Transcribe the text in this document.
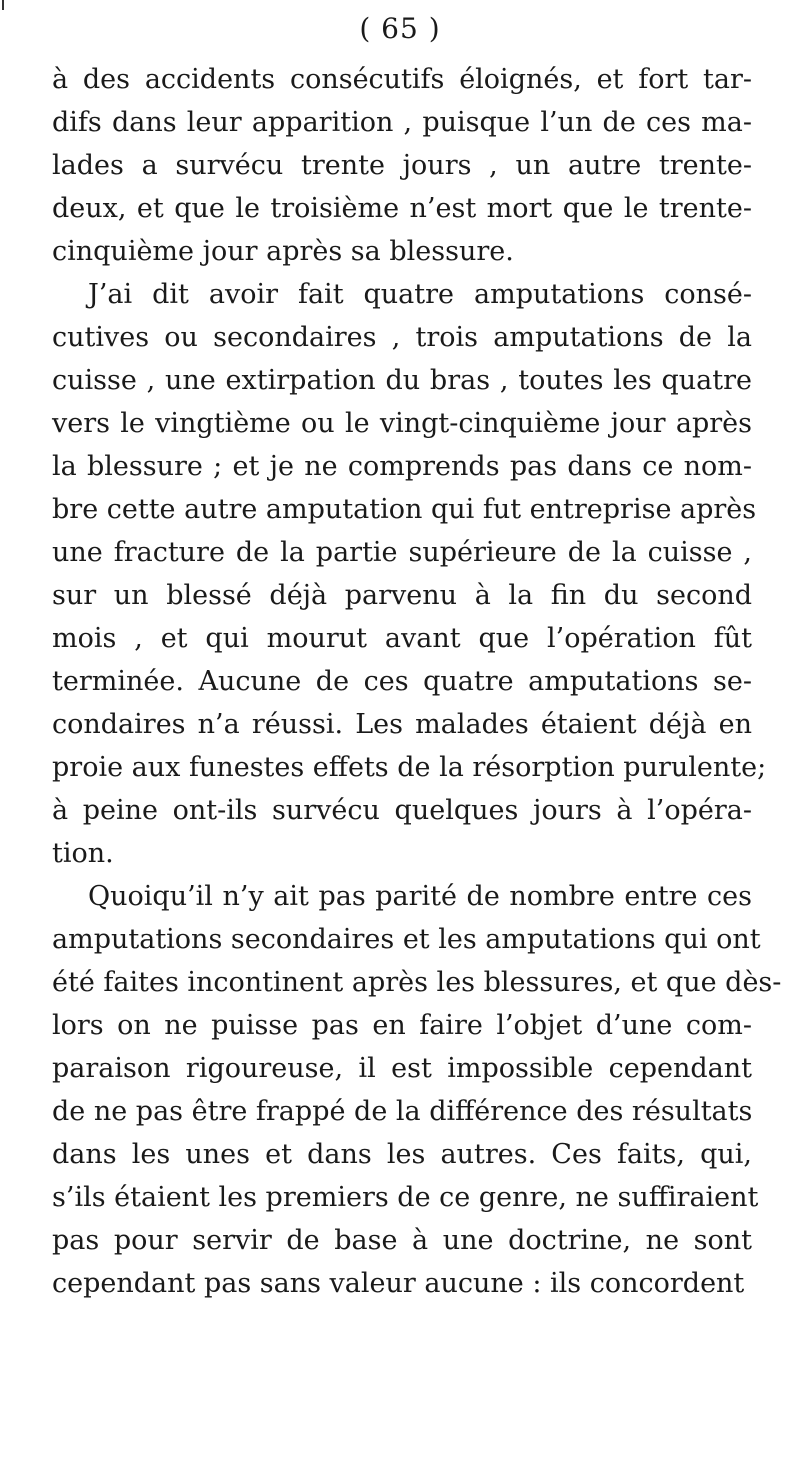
( 65 )
à des accidents consécutifs éloignés, et fort tar-
difs dans leur apparition , puisque l’un de ces ma-
lades a survécu trente jours , un autre trente-
deux, et que le troisième n’est mort que le trente-
cinquième jour après sa blessure.
J’ai dit avoir fait quatre amputations consé-
cutives ou secondaires , trois amputations de la
cuisse , une extirpation du bras , toutes les quatre
vers le vingtième ou le vingt-cinquième jour après
la blessure ; et je ne comprends pas dans ce nom-
bre cette autre amputation qui fut entreprise après
une fracture de la partie supérieure de la cuisse ,
sur un blessé déjà parvenu à la fin du second
mois , et qui mourut avant que l’opération fût
terminée. Aucune de ces quatre amputations se-
condaires n’a réussi. Les malades étaient déjà en
proie aux funestes effets de la résorption purulente;
à peine ont-ils survécu quelques jours à l’opéra-
tion.
Quoiqu’il n’y ait pas parité de nombre entre ces
amputations secondaires et les amputations qui ont
été faites incontinent après les blessures, et que dès-
lors on ne puisse pas en faire l’objet d’une com-
paraison rigoureuse, il est impossible cependant
de ne pas être frappé de la différence des résultats
dans les unes et dans les autres. Ces faits, qui,
s’ils étaient les premiers de ce genre, ne suffiraient
pas pour servir de base à une doctrine, ne sont
cependant pas sans valeur aucune : ils concordent
